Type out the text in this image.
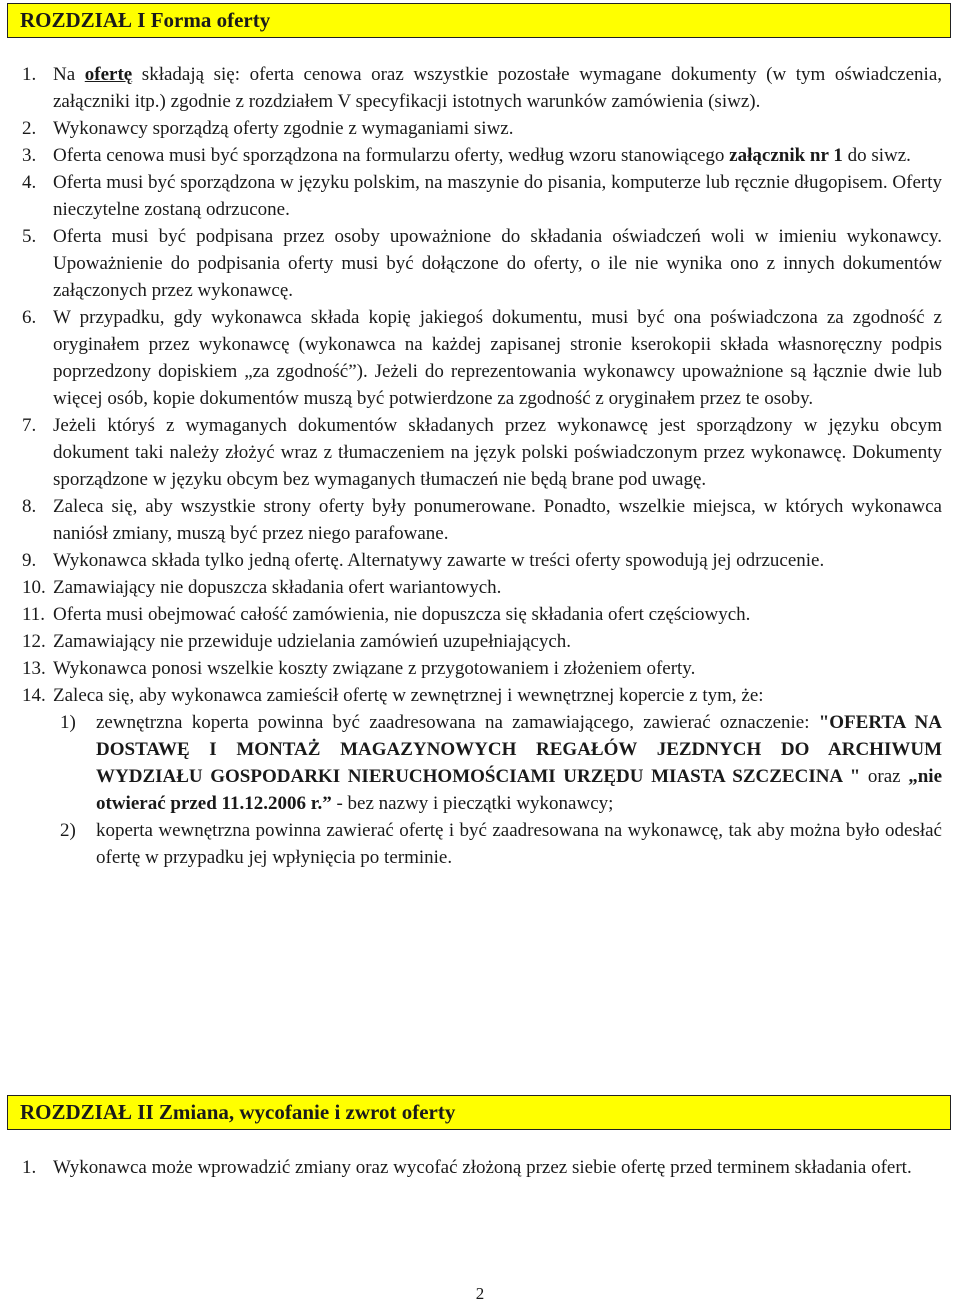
ROZDZIAŁ I Forma oferty
1. Na ofertę składają się: oferta cenowa oraz wszystkie pozostałe wymagane dokumenty (w tym oświadczenia, załączniki itp.) zgodnie z rozdziałem V specyfikacji istotnych warunków zamówienia (siwz).
2. Wykonawcy sporządzą oferty zgodnie z wymaganiami siwz.
3. Oferta cenowa musi być sporządzona na formularzu oferty, według wzoru stanowiącego załącznik nr 1 do siwz.
4. Oferta musi być sporządzona w języku polskim, na maszynie do pisania, komputerze lub ręcznie długopisem. Oferty nieczytelne zostaną odrzucone.
5. Oferta musi być podpisana przez osoby upoważnione do składania oświadczeń woli w imieniu wykonawcy. Upoważnienie do podpisania oferty musi być dołączone do oferty, o ile nie wynika ono z innych dokumentów załączonych przez wykonawcę.
6. W przypadku, gdy wykonawca składa kopię jakiegoś dokumentu, musi być ona poświadczona za zgodność z oryginałem przez wykonawcę (wykonawca na każdej zapisanej stronie kserokopii składa własnoręczny podpis poprzedzony dopiskiem „za zgodność”). Jeżeli do reprezentowania wykonawcy upoważnione są łącznie dwie lub więcej osób, kopie dokumentów muszą być potwierdzone za zgodność z oryginałem przez te osoby.
7. Jeżeli któryś z wymaganych dokumentów składanych przez wykonawcę jest sporządzony w języku obcym dokument taki należy złożyć wraz z tłumaczeniem na język polski poświadczonym przez wykonawcę. Dokumenty sporządzone w języku obcym bez wymaganych tłumaczeń nie będą brane pod uwagę.
8. Zaleca się, aby wszystkie strony oferty były ponumerowane. Ponadto, wszelkie miejsca, w których wykonawca naniósł zmiany, muszą być przez niego parafowane.
9. Wykonawca składa tylko jedną ofertę. Alternatywy zawarte w treści oferty spowodują jej odrzucenie.
10. Zamawiający nie dopuszcza składania ofert wariantowych.
11. Oferta musi obejmować całość zamówienia, nie dopuszcza się składania ofert częściowych.
12. Zamawiający nie przewiduje udzielania zamówień uzupełniających.
13. Wykonawca ponosi wszelkie koszty związane z przygotowaniem i złożeniem oferty.
14. Zaleca się, aby wykonawca zamieścił ofertę w zewnętrznej i wewnętrznej kopercie z tym, że:
1)	zewnętrzna koperta powinna być zaadresowana na zamawiającego, zawierać oznaczenie: "OFERTA NA DOSTAWĘ I MONTAŻ MAGAZYNOWYCH REGAŁÓW JEZDNYCH DO ARCHIWUM WYDZIAŁU GOSPODARKI NIERUCHOMOŚCIAMI URZĘDU MIASTA SZCZECINA " oraz „nie otwierać przed 11.12.2006 r.” - bez nazwy i pieczątki wykonawcy;
2)	koperta wewnętrzna powinna zawierać ofertę i być zaadresowana na wykonawcę, tak aby można było odesłać ofertę w przypadku jej wpłynięcia po terminie.
ROZDZIAŁ II Zmiana, wycofanie i zwrot oferty
1. Wykonawca może wprowadzić zmiany oraz wycofać złożoną przez siebie ofertę przed terminem składania ofert.
2
